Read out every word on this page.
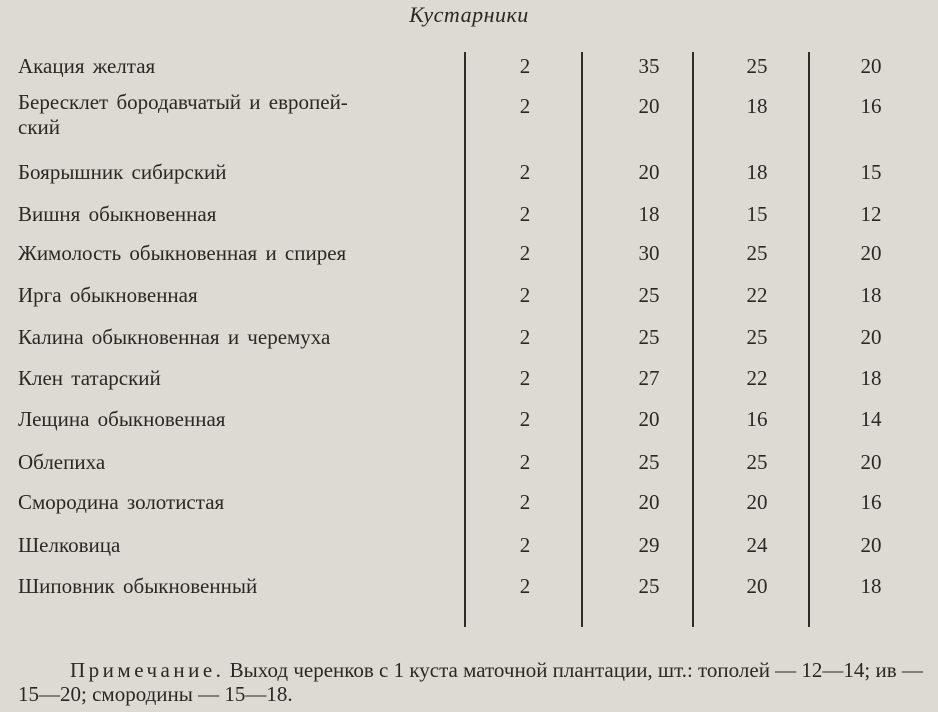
Кустарники
Акация желтая	2	35	25	20
Бересклет бородавчатый и европей-
ский
2	20	18	16
Боярышник сибирский	2	20	18	15
Вишня обыкновенная	2	18	15	12
Жимолость обыкновенная и спирея	2	30	25	20
Ирга обыкновенная	2	25	22	18
Калина обыкновенная и черемуха	2	25	25	20
Клен татарский	2	27	22	18
Лещина обыкновенная	2	20	16	14
Облепиха	2	25	25	20
Смородина золотистая	2	20	20	16
Шелковица	2	29	24	20
Шиповник обыкновенный	2	25	20	18
Примечание. Выход черенков с 1 куста маточной плантации, шт.: тополей — 12—14; ив — 15—20; смородины — 15—18.
